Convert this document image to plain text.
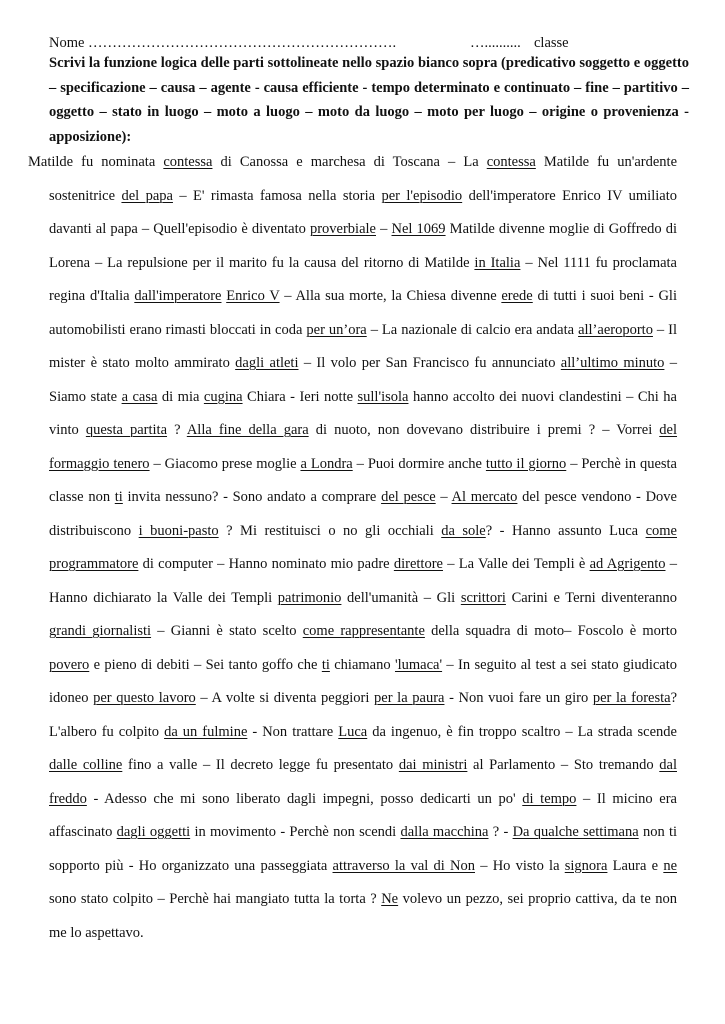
Nome ……………………………………………………….	….......... classe
Scrivi la funzione logica delle parti sottolineate nello spazio bianco sopra (predicativo soggetto e oggetto – specificazione – causa – agente - causa efficiente - tempo determinato e continuato – fine – partitivo – oggetto – stato in luogo – moto a luogo – moto da luogo – moto per luogo – origine o provenienza - apposizione):
Matilde fu nominata contessa di Canossa e marchesa di Toscana – La contessa Matilde fu un'ardente sostenitrice del papa – E' rimasta famosa nella storia per l'episodio dell'imperatore Enrico IV umiliato davanti al papa – Quell'episodio è diventato proverbiale – Nel 1069 Matilde divenne moglie di Goffredo di Lorena – La repulsione per il marito fu la causa del ritorno di Matilde in Italia – Nel 1111 fu proclamata regina d'Italia dall'imperatore Enrico V – Alla sua morte, la Chiesa divenne erede di tutti i suoi beni - Gli automobilisti erano rimasti bloccati in coda per un’ora – La nazionale di calcio era andata all’aeroporto – Il mister è stato molto ammirato dagli atleti – Il volo per San Francisco fu annunciato all’ultimo minuto – Siamo state a casa di mia cugina Chiara - Ieri notte sull'isola hanno accolto dei nuovi clandestini – Chi ha vinto questa partita ? Alla fine della gara di nuoto, non dovevano distribuire i premi ? – Vorrei del formaggio tenero – Giacomo prese moglie a Londra – Puoi dormire anche tutto il giorno – Perchè in questa classe non ti invita nessuno? - Sono andato a comprare del pesce – Al mercato del pesce vendono - Dove distribuiscono i buoni-pasto ? Mi restituisci o no gli occhiali da sole? - Hanno assunto Luca come programmatore di computer – Hanno nominato mio padre direttore – La Valle dei Templi è ad Agrigento – Hanno dichiarato la Valle dei Templi patrimonio dell'umanità – Gli scrittori Carini e Terni diventeranno grandi giornalisti – Gianni è stato scelto come rappresentante della squadra di moto– Foscolo è morto povero e pieno di debiti – Sei tanto goffo che ti chiamano 'lumaca' – In seguito al test a sei stato giudicato idoneo per questo lavoro – A volte si diventa peggiori per la paura - Non vuoi fare un giro per la foresta? L'albero fu colpito da un fulmine - Non trattare Luca da ingenuo, è fin troppo scaltro – La strada scende dalle colline fino a valle – Il decreto legge fu presentato dai ministri al Parlamento – Sto tremando dal freddo - Adesso che mi sono liberato dagli impegni, posso dedicarti un po' di tempo – Il micino era affascinato dagli oggetti in movimento - Perchè non scendi dalla macchina ? - Da qualche settimana non ti sopporto più - Ho organizzato una passeggiata attraverso la val di Non – Ho visto la signora Laura e ne sono stato colpito – Perchè hai mangiato tutta la torta ? Ne volevo un pezzo, sei proprio cattiva, da te non me lo aspettavo.
